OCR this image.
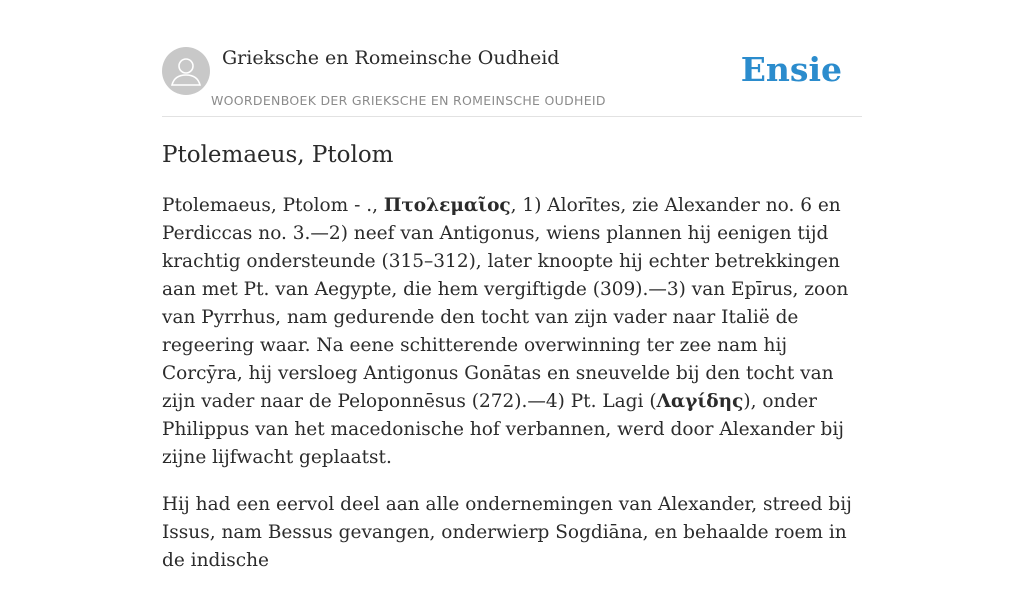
Grieksche en Romeinsche Oudheid
WOORDENBOEK DER GRIEKSCHE EN ROMEINSCHE OUDHEID
Ensie
Ptolemaeus, Ptolom

Ptolemaeus, Ptolom - ., Πτολεμαῖος, 1) Alorītes, zie Alexander no. 6 en Perdiccas no. 3.—2) neef van Antigonus, wiens plannen hij eenigen tijd krachtig ondersteunde (315–312), later knoopte hij echter betrekkingen aan met Pt. van Aegypte, die hem vergiftigde (309).—3) van Epīrus, zoon van Pyrrhus, nam gedurende den tocht van zijn vader naar Italië de regeering waar. Na eene schitterende overwinning ter zee nam hij Corcȳra, hij versloeg Antigonus Gonātas en sneuvelde bij den tocht van zijn vader naar de Peloponnēsus (272).—4) Pt. Lagi (Λαγίδης), onder Philippus van het macedonische hof verbannen, werd door Alexander bij zijne lijfwacht geplaatst.

Hij had een eervol deel aan alle ondernemingen van Alexander, streed bij Issus, nam Bessus gevangen, onderwierp Sogdiāna, en behaalde roem in de indische
